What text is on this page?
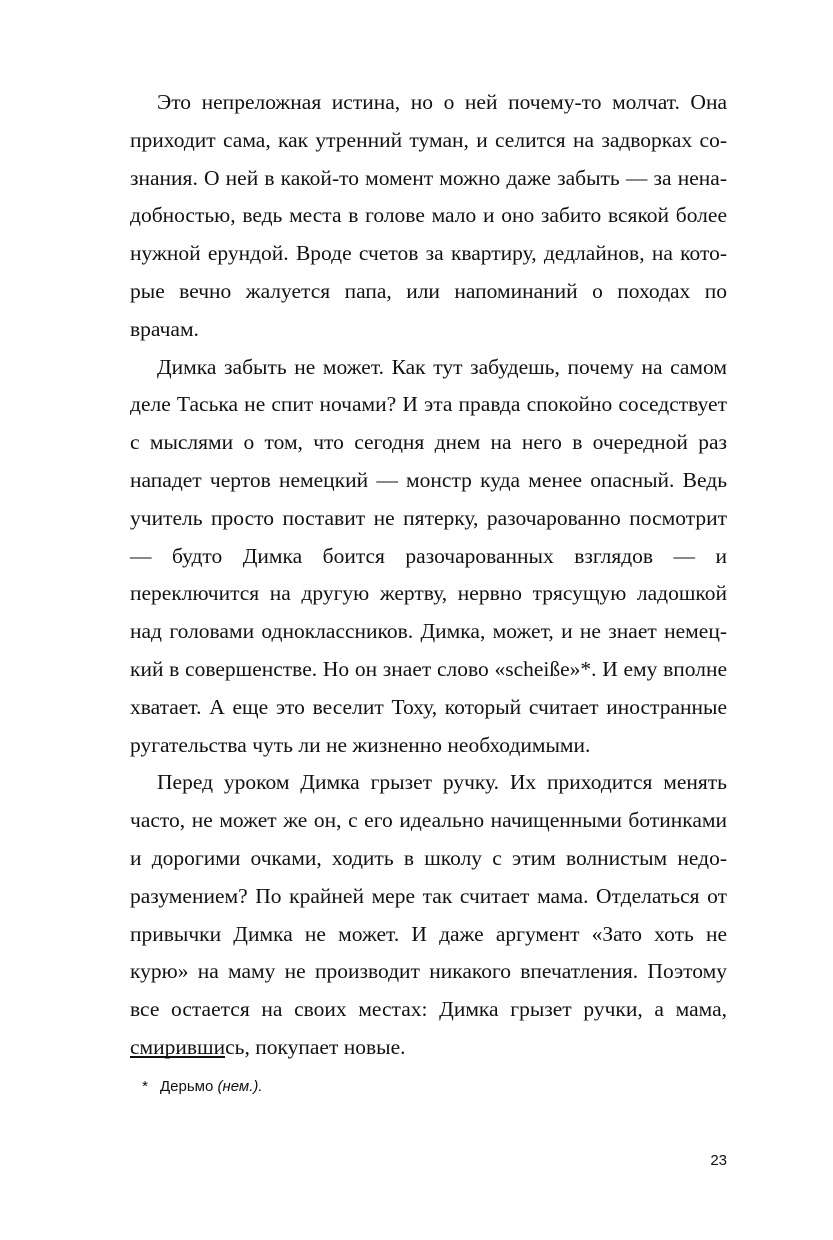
Это непреложная истина, но о ней почему-то молчат. Она приходит сама, как утренний туман, и селится на задворках сознания. О ней в какой-то момент можно даже забыть — за ненадобностью, ведь места в голове мало и оно забито всякой более нужной ерундой. Вроде счетов за квартиру, дедлайнов, на которые вечно жалуется папа, или напоминаний о походах по врачам.

Димка забыть не может. Как тут забудешь, почему на самом деле Таська не спит ночами? И эта правда спокойно соседствует с мыслями о том, что сегодня днем на него в очередной раз нападет чертов немецкий — монстр куда менее опасный. Ведь учитель просто поставит не пятерку, разочарованно посмотрит — будто Димка боится разочарованных взглядов — и переключится на другую жертву, нервно трясущую ладошкой над головами одноклассников. Димка, может, и не знает немецкий в совершенстве. Но он знает слово «scheiße»*. И ему вполне хватает. А еще это веселит Тоху, который считает иностранные ругательства чуть ли не жизненно необходимыми.

Перед уроком Димка грызет ручку. Их приходится менять часто, не может же он, с его идеально начищенными ботинками и дорогими очками, ходить в школу с этим волнистым недоразумением? По крайней мере так считает мама. Отделаться от привычки Димка не может. И даже аргумент «Зато хоть не курю» на маму не производит никакого впечатления. Поэтому все остается на своих местах: Димка грызет ручки, а мама, смирившись, покупает новые.

* Дерьмо (нем.).
23
